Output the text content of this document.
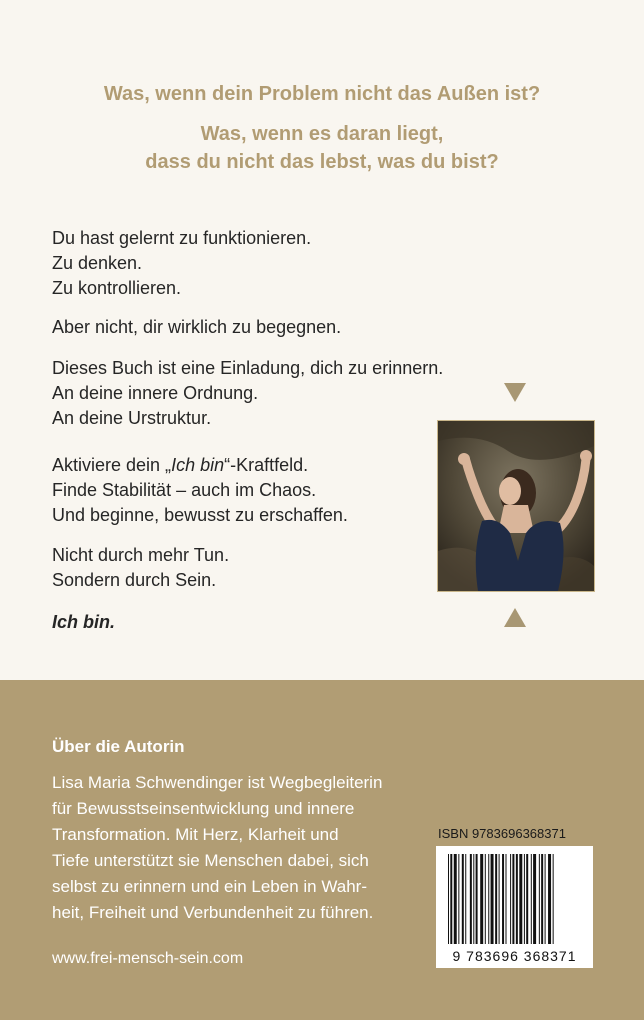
Was, wenn dein Problem nicht das Außen ist?
Was, wenn es daran liegt,
dass du nicht das lebst, was du bist?

Du hast gelernt zu funktionieren.

Zu denken.

Zu kontrollieren.

Aber nicht, dir wirklich zu begegnen.

Dieses Buch ist eine Einladung, dich zu erinnern.

An deine innere Ordnung.

An deine Urstruktur.

Aktiviere dein „Ich bin“-Kraftfeld.

Finde Stabilität – auch im Chaos.

Und beginne, bewusst zu erschaffen.

Nicht durch mehr Tun.

Sondern durch Sein.

Ich bin.
Über die Autorin

Lisa Maria Schwendinger ist Wegbegleiterin

für Bewusstseinsentwicklung und innere

Transformation. Mit Herz, Klarheit und

Tiefe unterstützt sie Menschen dabei, sich

selbst zu erinnern und ein Leben in Wahr-

heit, Freiheit und Verbundenheit zu führen.

www.frei-mensch-sein.com
ISBN 9783696368371
9 783696 368371
